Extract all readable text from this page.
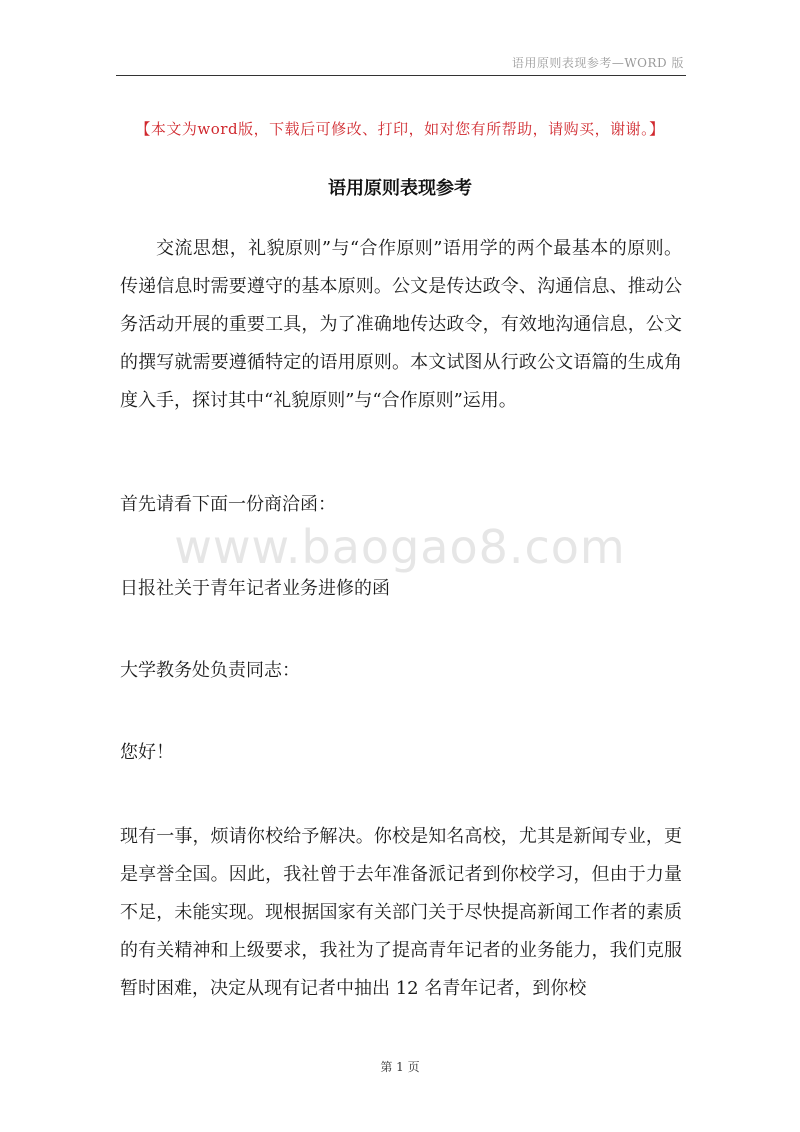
语用原则表现参考—WORD 版
【本文为word版，下载后可修改、打印，如对您有所帮助，请购买，谢谢。】
语用原则表现参考

交流思想，礼貌原则”与“合作原则”语用学的两个最基本的原则。传递信息时需要遵守的基本原则。公文是传达政令、沟通信息、推动公务活动开展的重要工具，为了准确地传达政令，有效地沟通信息，公文的撰写就需要遵循特定的语用原则。本文试图从行政公文语篇的生成角度入手，探讨其中“礼貌原则”与“合作原则”运用。

首先请看下面一份商洽函：

www.baogao8.com

日报社关于青年记者业务进修的函

大学教务处负责同志：

您好！

现有一事，烦请你校给予解决。你校是知名高校，尤其是新闻专业，更是享誉全国。因此，我社曾于去年准备派记者到你校学习，但由于力量不足，未能实现。现根据国家有关部门关于尽快提高新闻工作者的素质的有关精神和上级要求，我社为了提高青年记者的业务能力，我们克服暂时困难，决定从现有记者中抽出 12 名青年记者，到你校

第 1 页
